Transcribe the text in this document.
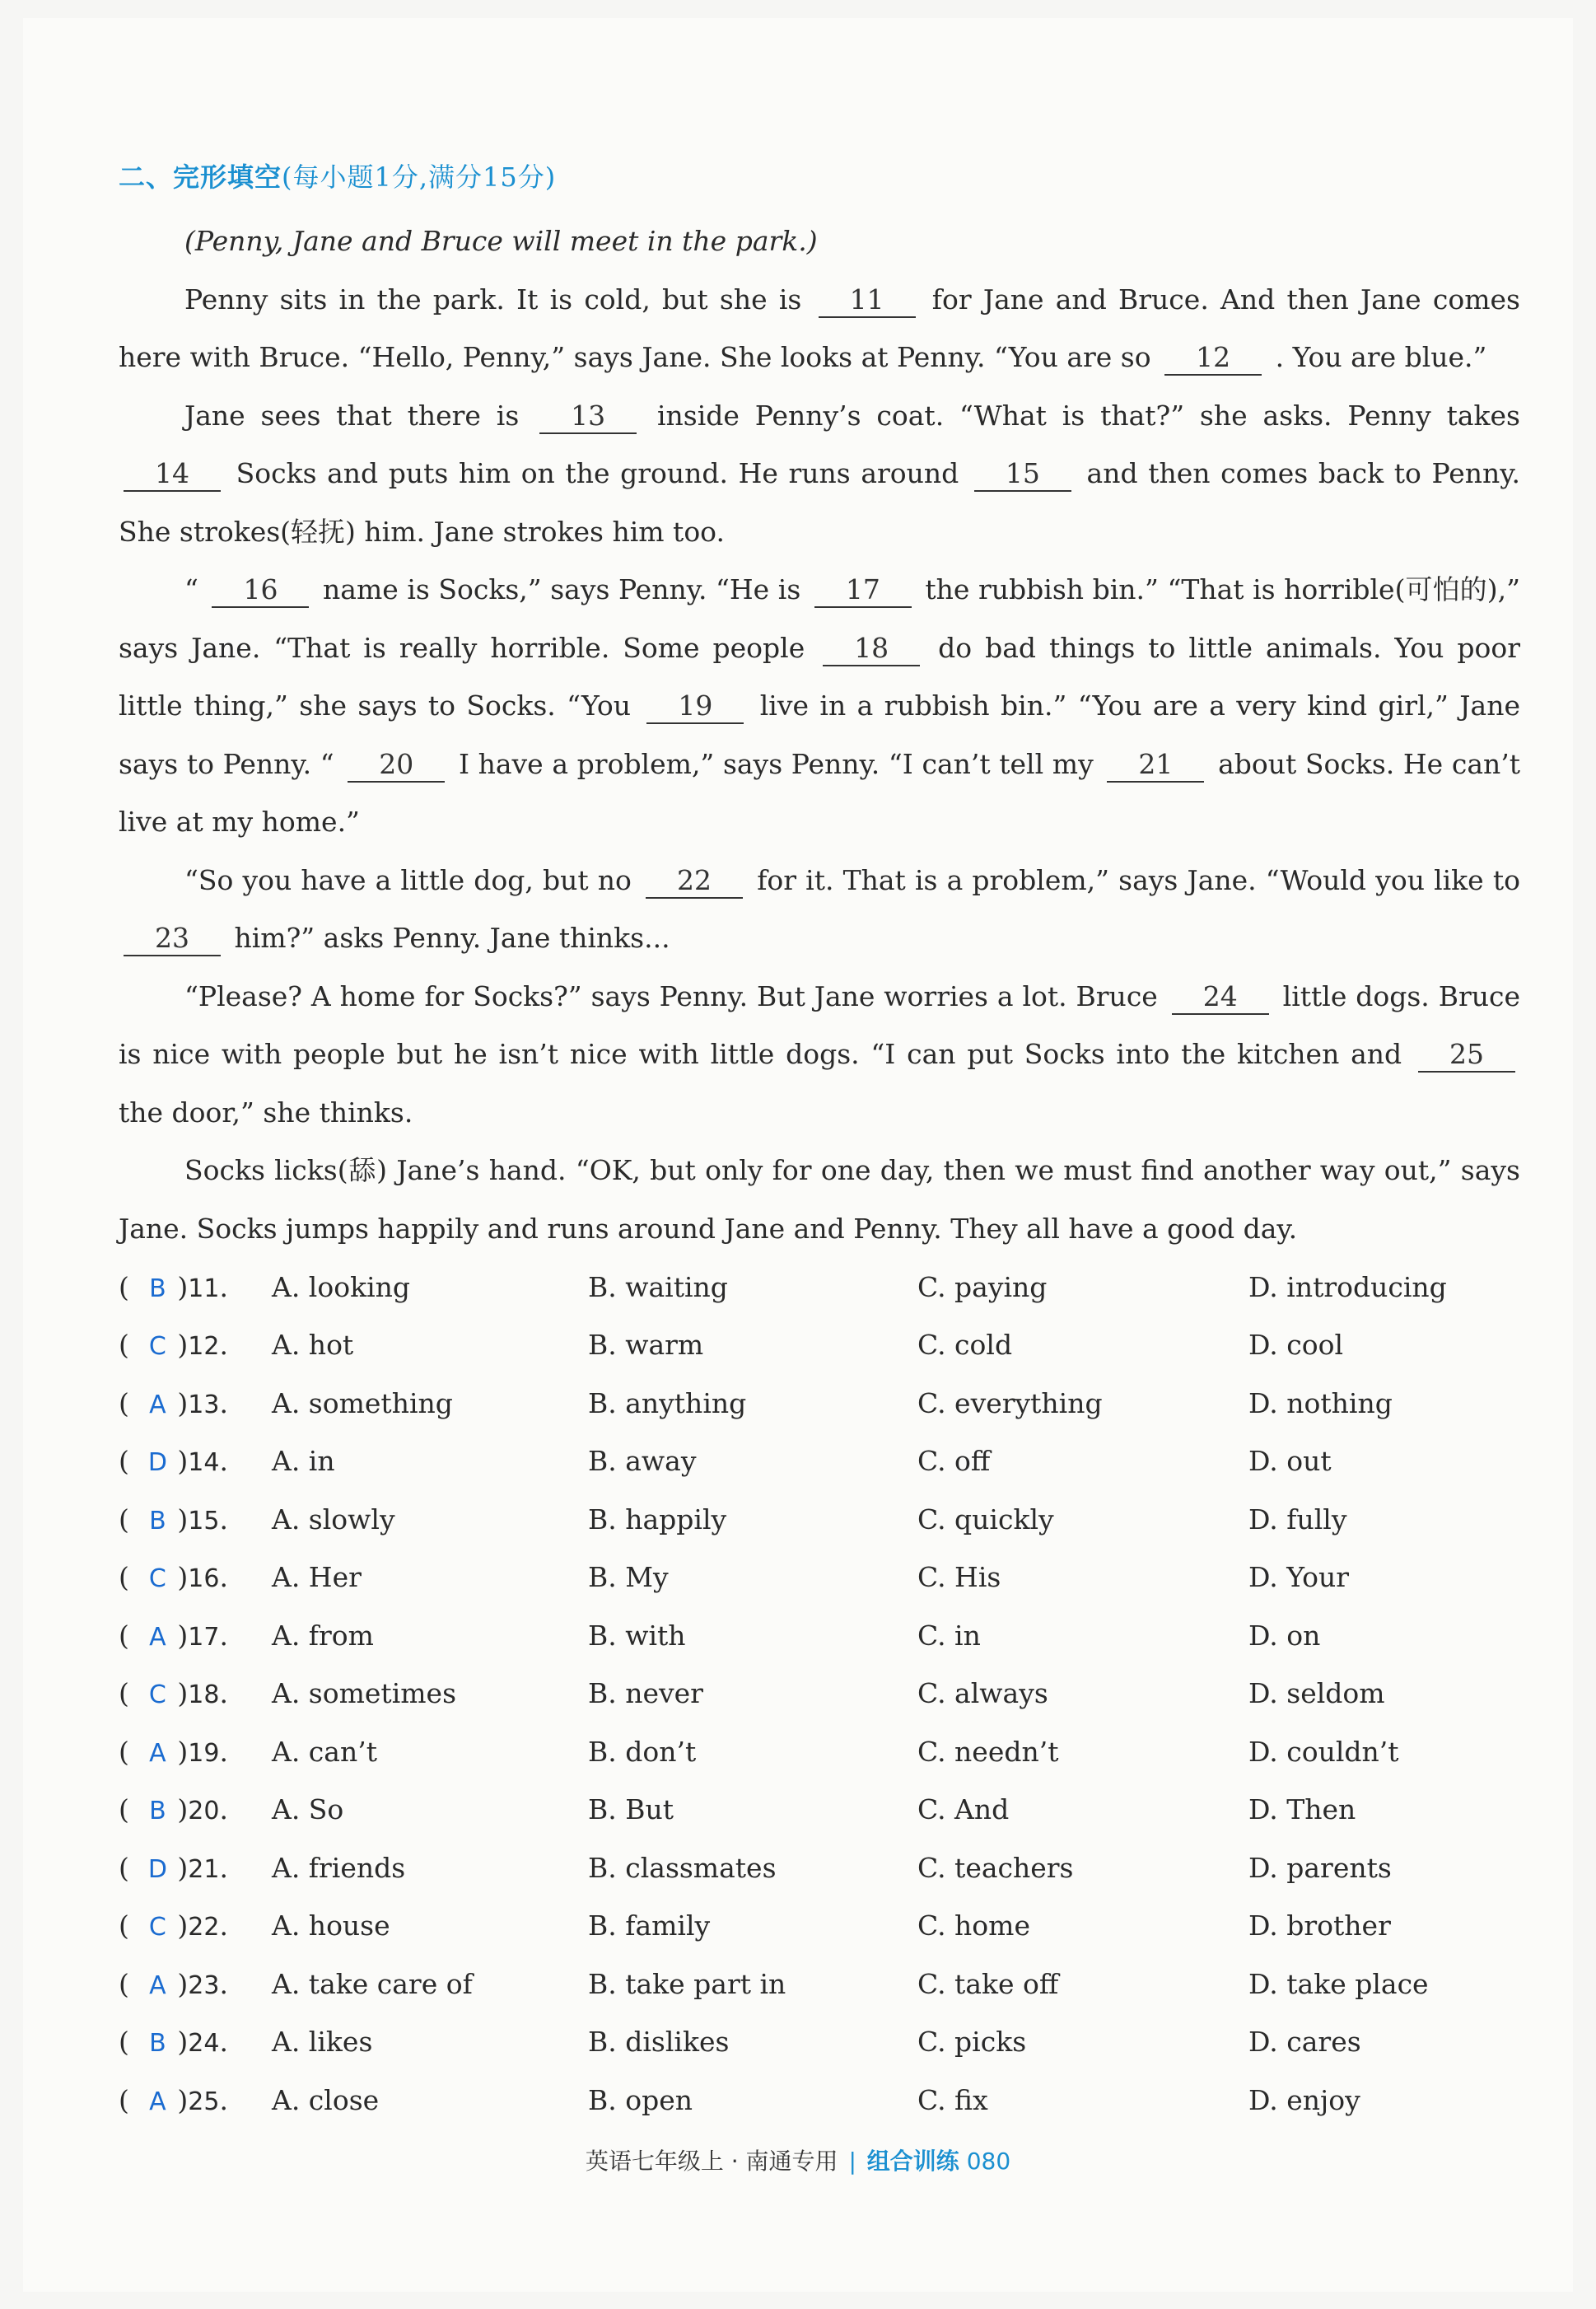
二、完形填空(每小题1分,满分15分)

(Penny, Jane and Bruce will meet in the park.)

Penny sits in the park. It is cold, but she is 11 for Jane and Bruce. And then Jane comes here with Bruce. “Hello, Penny,” says Jane. She looks at Penny. “You are so 12 . You are blue.”

Jane sees that there is 13 inside Penny’s coat. “What is that?” she asks. Penny takes 14 Socks and puts him on the ground. He runs around 15 and then comes back to Penny. She strokes(轻抚) him. Jane strokes him too.

“ 16 name is Socks,” says Penny. “He is 17 the rubbish bin.” “That is horrible(可怕的),” says Jane. “That is really horrible. Some people 18 do bad things to little animals. You poor little thing,” she says to Socks. “You 19 live in a rubbish bin.” “You are a very kind girl,” Jane says to Penny. “ 20 I have a problem,” says Penny. “I can’t tell my 21 about Socks. He can’t live at my home.”

“So you have a little dog, but no 22 for it. That is a problem,” says Jane. “Would you like to 23 him?” asks Penny. Jane thinks...

“Please? A home for Socks?” says Penny. But Jane worries a lot. Bruce 24 little dogs. Bruce is nice with people but he isn’t nice with little dogs. “I can put Socks into the kitchen and 25 the door,” she thinks.

Socks licks(舔) Jane’s hand. “OK, but only for one day, then we must find another way out,” says Jane. Socks jumps happily and runs around Jane and Penny. They all have a good day.

( B )11.	A. looking	B. waiting	C. paying	D. introducing
( C )12.	A. hot	B. warm	C. cold	D. cool
( A )13.	A. something	B. anything	C. everything	D. nothing
( D )14.	A. in	B. away	C. off	D. out
( B )15.	A. slowly	B. happily	C. quickly	D. fully
( C )16.	A. Her	B. My	C. His	D. Your
( A )17.	A. from	B. with	C. in	D. on
( C )18.	A. sometimes	B. never	C. always	D. seldom
( A )19.	A. can’t	B. don’t	C. needn’t	D. couldn’t
( B )20.	A. So	B. But	C. And	D. Then
( D )21.	A. friends	B. classmates	C. teachers	D. parents
( C )22.	A. house	B. family	C. home	D. brother
( A )23.	A. take care of	B. take part in	C. take off	D. take place
( B )24.	A. likes	B. dislikes	C. picks	D. cares
( A )25.	A. close	B. open	C. fix	D. enjoy
英语七年级上 · 南通专用 | 组合训练 080
